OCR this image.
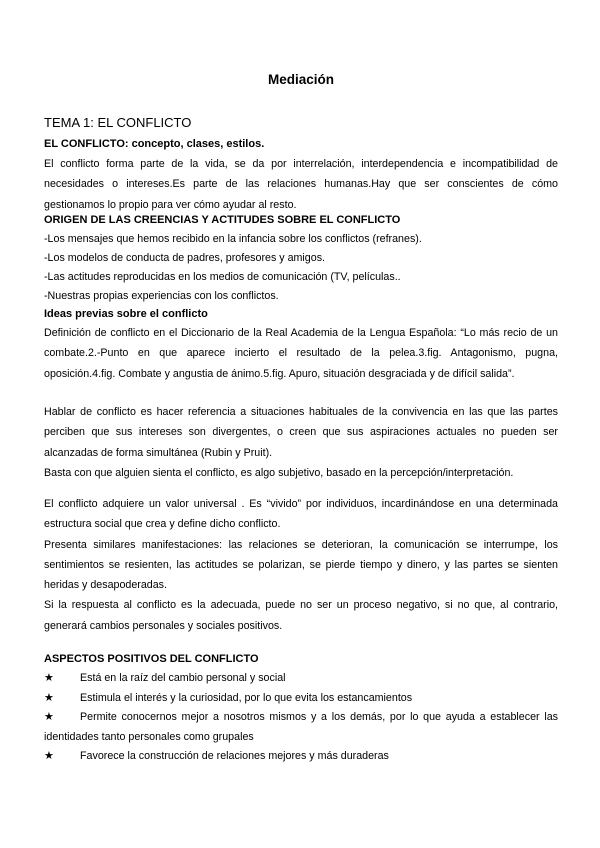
Mediación
TEMA 1: EL CONFLICTO
EL CONFLICTO: concepto, clases, estilos.

El conflicto forma parte de la vida, se da por interrelación, interdependencia e incompatibilidad de necesidades o intereses.Es parte de las relaciones humanas.Hay que ser conscientes de cómo gestionamos lo propio para ver cómo ayudar al resto.

ORIGEN DE LAS CREENCIAS Y ACTITUDES SOBRE EL CONFLICTO
-Los mensajes que hemos recibido en la infancia sobre los conflictos (refranes).
-Los modelos de conducta de padres, profesores y amigos.
-Las actitudes reproducidas en los medios de comunicación (TV, películas..
-Nuestras propias experiencias con los conflictos.
Ideas previas sobre el conflicto

Definición de conflicto en el Diccionario de la Real Academia de la Lengua Española: “Lo más recio de un combate.2.-Punto en que aparece incierto el resultado de la pelea.3.fig. Antagonismo, pugna, oposición.4.fig. Combate y angustia de ánimo.5.fig. Apuro, situación desgraciada y de difícil salida”.

Hablar de conflicto es hacer referencia a situaciones habituales de la convivencia en las que las partes perciben que sus intereses son divergentes, o creen que sus aspiraciones actuales no pueden ser alcanzadas de forma simultánea (Rubin y Pruit).

Basta con que alguien sienta el conflicto, es algo subjetivo, basado en la percepción/interpretación.

El conflicto adquiere un valor universal . Es “vivido” por individuos, incardinándose en una determinada estructura social que crea y define dicho conflicto.

Presenta similares manifestaciones: las relaciones se deterioran, la comunicación se interrumpe, los sentimientos se resienten, las actitudes se polarizan, se pierde tiempo y dinero, y las partes se sienten heridas y desapoderadas.

Si la respuesta al conflicto es la adecuada, puede no ser un proceso negativo, si no que, al contrario, generará cambios personales y sociales positivos.

ASPECTOS POSITIVOS DEL CONFLICTO
★	Está en la raíz del cambio personal y social
★	Estimula el interés y la curiosidad, por lo que evita los estancamientos
★ Permite conocernos mejor a nosotros mismos y a los demás, por lo que ayuda a establecer las identidades tanto personales como grupales
★	Favorece la construcción de relaciones mejores y más duraderas
